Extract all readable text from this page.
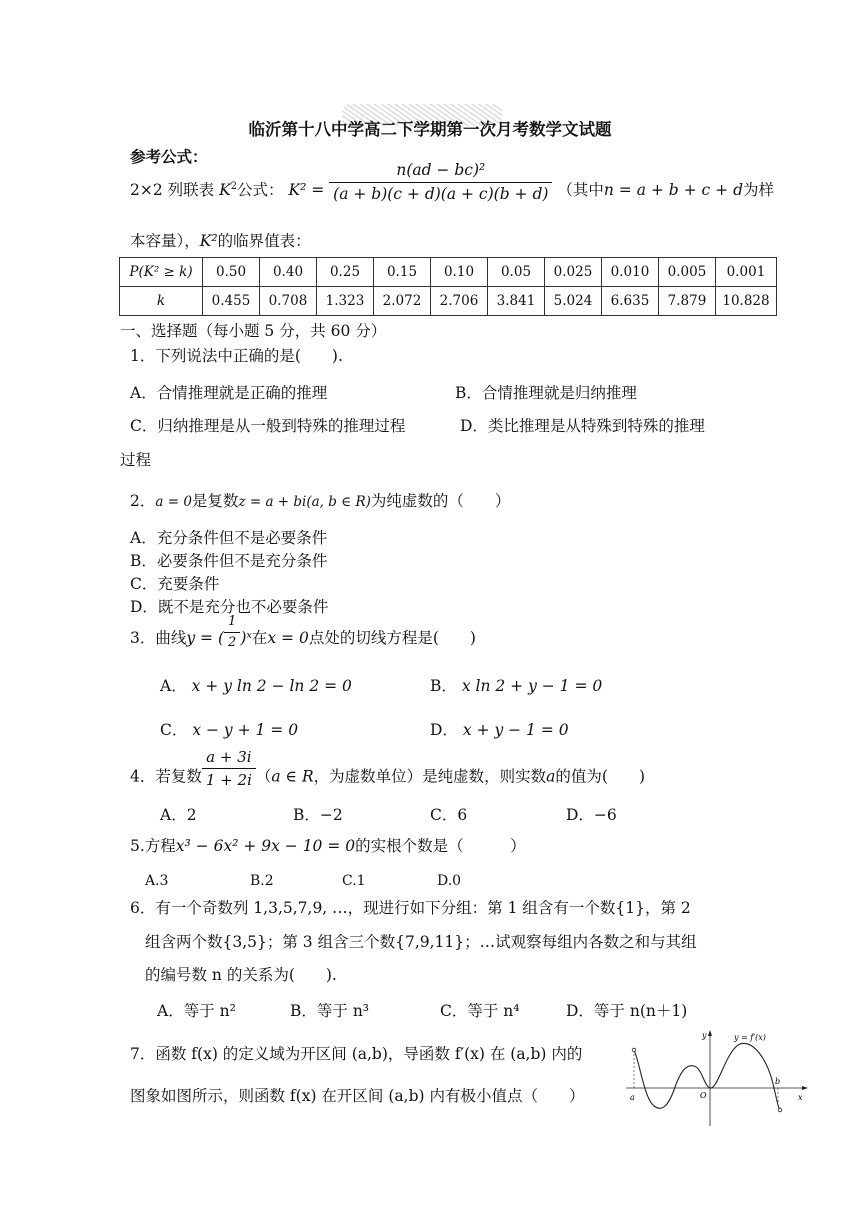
临沂第十八中学高二下学期第一次月考数学文试题
参考公式：
2×2 列联表 $K^2$公式： $K^2 = \frac{\text{n(ad − bc)²}}{(a + b)(c + d)(a + c)(b + d)}$ （其中n = a + b + c + d为样
本容量），K²的临界值表：
P(K² ≥ k)	0.50	0.40	0.25	0.15	0.10	0.05	0.025	0.010	0.005	0.001
k	0.455	0.708	1.323	2.072	2.706	3.841	5.024	6.635	7.879	10.828
一、选择题（每小题 5 分，共 60 分）
1．下列说法中正确的是(　　).
A．合情推理就是正确的推理	B．合情推理就是归纳推理
C．归纳推理是从一般到特殊的推理过程	D．类比推理是从特殊到特殊的推理
过程
2．a = 0是复数z = a + bi(a, b ∈ R)为纯虚数的（　　）
A．充分条件但不是必要条件
B．必要条件但不是充分条件
C．充要条件
D．既不是充分也不必要条件
3．曲线y = ( $\frac{1}{2}$ )ˣ在x = 0点处的切线方程是(　　)
A． x + y ln 2 − ln 2 = 0	B． x ln 2 + y − 1 = 0
C． x − y + 1 = 0	D． x + y − 1 = 0
4．若复数 $\frac{a + 3i}{1 + 2i} (a$ ∈ R，为虚数单位）是纯虚数，则实数a的值为(　　)
A．2	B．−2	C．6	D．−6
5.方程x³ − 6x² + 9x − 10 = 0的实根个数是（　　　）
A.3	B.2	C.1	D.0
6．有一个奇数列 1,3,5,7,9, …，现进行如下分组：第 1 组含有一个数{1}，第 2
组含两个数{3,5}；第 3 组含三个数{7,9,11}；…试观察每组内各数之和与其组
的编号数 n 的关系为(　　).
A．等于 n²	B．等于 n³	C．等于 n⁴	D．等于 n(n＋1)
7．函数 f(x) 的定义域为开区间 (a,b)，导函数 f′(x) 在 (a,b) 内的
图象如图所示，则函数 f(x) 在开区间 (a,b) 内有极小值点（　　）
y
x
y = f′(x)
O
a
b
